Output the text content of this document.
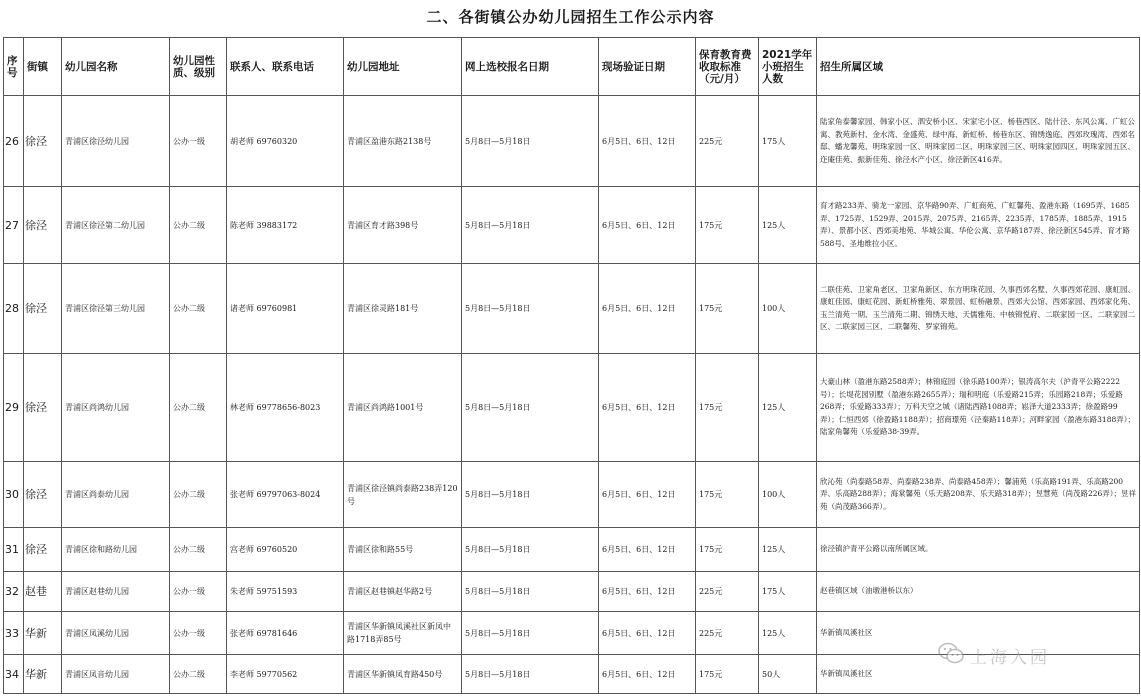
二、各街镇公办幼儿园招生工作公示内容
序号	街镇	幼儿园名称	幼儿园性质、级别	联系人、联系电话	幼儿园地址	网上选校报名日期	现场验证日期	保育教育费收取标准（元/月）	2021学年小班招生人数	招生所属区域
26	徐泾	青浦区徐泾幼儿园	公办一级	胡老师 69760320	青浦区盈港东路2138号	5月8日—5月18日	6月5日、6日、12日	225元	175人	陆家角泰馨家园、韩家小区、泗安桥小区、宋家宅小区、杨巷西区、陆什泾、东风公寓、广虹公寓、教苑新村、金水湾、金盛苑、绿中海、新虹桥、杨巷东区、锦绣逸庭、西郊玫瑰湾、西郊名邸、蟠龙馨苑、明珠家园一区、明珠家园二区、明珠家园三区、明珠家园四区、明珠家园五区、迮庵佳苑、振新佳苑、徐泾水产小区、徐泾新区416弄。
27	徐泾	青浦区徐泾第二幼儿园	公办二级	陈老师 39883172	青浦区育才路398号	5月8日—5月18日	6月5日、6日、12日	175元	125人	育才路233弄、骑龙一家园、京华路90弄、广虹商苑、广虹馨苑、盈港东路（1695弄、1685弄、1725弄、1529弄、2015弄、2075弄、2165弄、2235弄、1785弄、1885弄、1915弄）、景都小区、西郊美地苑、华城公寓、华伦公寓、京华路187弄、徐泾新区545弄、育才路588号、圣地维拉小区。
28	徐泾	青浦区徐泾第三幼儿园	公办二级	诸老师 69760981	青浦区徐灵路181号	5月8日—5月18日	6月5日、6日、12日	175元	100人	二联佳苑、卫家角老区、卫家角新区、东方明珠花园、久事西郊名墅、久事西郊花园、康虹园、康虹佳园、康虹花园、新虹桥雅苑、翠景园、虹桥融景、西郊大公馆、西郊家园、西郊家化苑、玉兰清苑一期、玉兰清苑二期、锦绣天地、天儒雅苑、中核锦悦府、二联家园一区、二联家园二区、二联家园三区、二联馨苑、罗家锦苑。
29	徐泾	青浦区尚鸿幼儿园	公办二级	林老师 69778656-8023	青浦区尚鸿路1001号	5月8日—5月18日	6月5日、6日、12日	175元	125人	大豪山林（盈港东路2588弄）；林锦庭园（徐乐路100弄）；银涛高尔夫（沪青平公路2222号）；长堤花园别墅（盈港东路2655弄）；瑞和明庭（乐爱路215弄；乐园路218弄；乐爱路268弄；乐爱路333弄）；万科天空之城（诸陆西路1088弄；崧泽大道2333弄；徐盈路99弄）；仁恒西郊（徐盈路1188弄）；招商璟苑（泾秦路118弄）；河畔家园（盈港东路3188弄）；陆家角馨苑（乐爱路38-39弄。
30	徐泾	青浦区尚泰幼儿园	公办二级	张老师 69797063-8024	青浦区徐泾镇尚泰路238弄120号	5月8日—5月18日	6月5日、6日、12日	175元	100人	欣沁苑（尚泰路58弄、尚泰路238弄、尚泰路458弄）；馨浦苑（乐高路191弄、乐高路200弄、乐高路288弄）；海棠馨苑（乐天路208弄、乐天路318弄）；昱慧苑（尚茂路226弄）；昱祥苑（尚茂路366弄）。
31	徐泾	青浦区徐和路幼儿园	公办二级	宫老师 69760520	青浦区徐和路55号	5月8日—5月18日	6月5日、6日、12日	175元	125人	徐泾镇沪青平公路以南所属区域。
32	赵巷	青浦区赵巷幼儿园	公办一级	朱老师 59751593	青浦区赵巷镇赵华路2号	5月8日—5月18日	6月5日、6日、12日	225元	175人	赵巷镇区域（油墩港桥以东）
33	华新	青浦区凤溪幼儿园	公办一级	张老师 69781646	青浦区华新镇凤溪社区新凤中路1718弄85号	5月8日—5月18日	6月5日、6日、12日	225元	125人	华新镇凤溪社区
34	华新	青浦区凤音幼儿园	公办二级	李老师 59770562	青浦区华新镇凤育路450号	5月8日—5月18日	6月5日、6日、12日	175元	50人	华新镇凤溪社区
上海入园
